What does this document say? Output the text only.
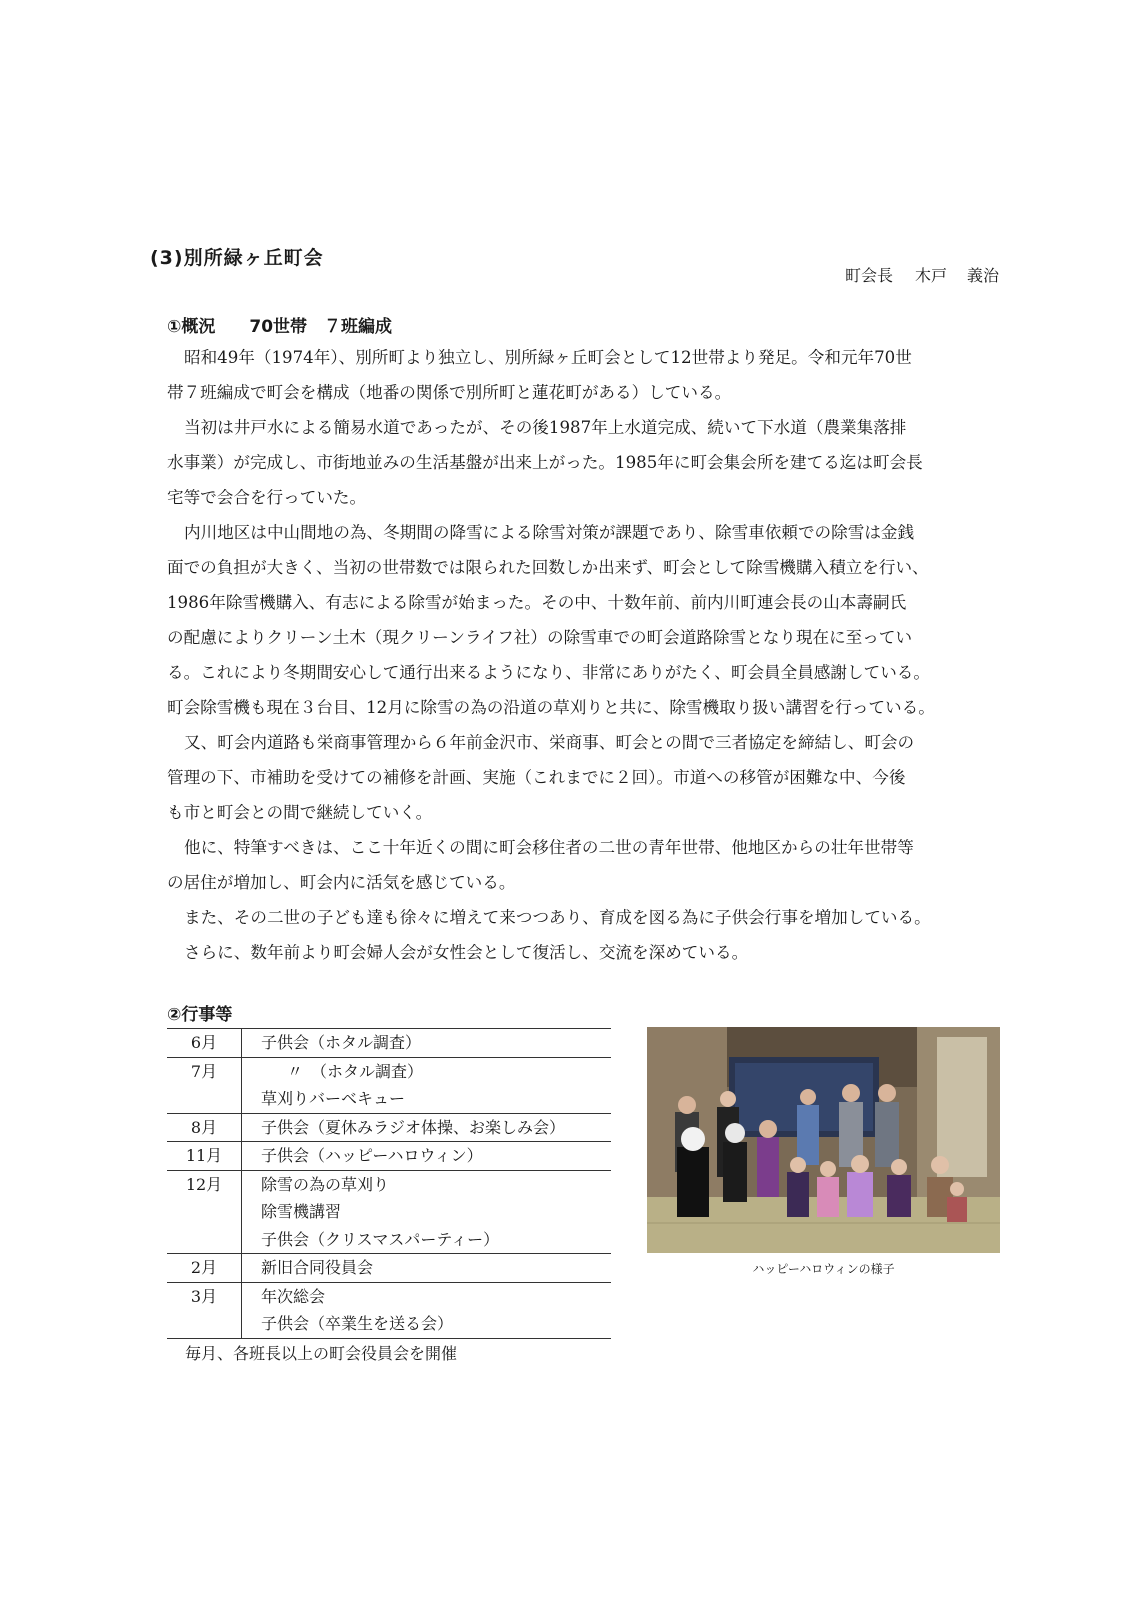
(3)別所緑ヶ丘町会
町会長 木戸 義治
①概況　　70世帯　７班編成
昭和49年（1974年）、別所町より独立し、別所緑ヶ丘町会として12世帯より発足。令和元年70世
帯７班編成で町会を構成（地番の関係で別所町と蓮花町がある）している。
当初は井戸水による簡易水道であったが、その後1987年上水道完成、続いて下水道（農業集落排
水事業）が完成し、市街地並みの生活基盤が出来上がった。1985年に町会集会所を建てる迄は町会長
宅等で会合を行っていた。
内川地区は中山間地の為、冬期間の降雪による除雪対策が課題であり、除雪車依頼での除雪は金銭
面での負担が大きく、当初の世帯数では限られた回数しか出来ず、町会として除雪機購入積立を行い、
1986年除雪機購入、有志による除雪が始まった。その中、十数年前、前内川町連会長の山本壽嗣氏
の配慮によりクリーン土木（現クリーンライフ社）の除雪車での町会道路除雪となり現在に至ってい
る。これにより冬期間安心して通行出来るようになり、非常にありがたく、町会員全員感謝している。
町会除雪機も現在３台目、12月に除雪の為の沿道の草刈りと共に、除雪機取り扱い講習を行っている。
又、町会内道路も栄商事管理から６年前金沢市、栄商事、町会との間で三者協定を締結し、町会の
管理の下、市補助を受けての補修を計画、実施（これまでに２回）。市道への移管が困難な中、今後
も市と町会との間で継続していく。
他に、特筆すべきは、ここ十年近くの間に町会移住者の二世の青年世帯、他地区からの壮年世帯等
の居住が増加し、町会内に活気を感じている。
また、その二世の子ども達も徐々に増えて来つつあり、育成を図る為に子供会行事を増加している。
さらに、数年前より町会婦人会が女性会として復活し、交流を深めている。
②行事等
6月	子供会（ホタル調査）
7月	〃　（ホタル調査）
	草刈りバーベキュー
8月	子供会（夏休みラジオ体操、お楽しみ会）
11月	子供会（ハッピーハロウィン）
12月	除雪の為の草刈り
	除雪機講習
	子供会（クリスマスパーティー）
2月	新旧合同役員会
3月	年次総会
	子供会（卒業生を送る会）
毎月、各班長以上の町会役員会を開催
ハッピーハロウィンの様子
